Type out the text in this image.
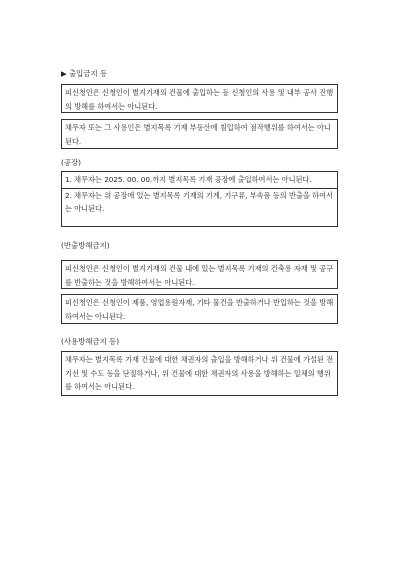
▶ 출입금지 등

피신청인은 신청인이 별지기재의 건물에 출입하는 등 신청인의 사용 및 내부 공사 진행의 방해를 하여서는 아니된다.

채무자 또는 그 사용인은 별지목록 기재 부동산에 침입하여 점작행위를 하여서는 아니된다.

(공장)

1. 채무자는 2025. 00. 00.까지 별지목록 기재 공장에 출입하여서는 아니된다.

2. 채무자는 위 공장에 있는 별지목록 기재의 기계, 기구류, 부속품 등의 반출을 하여서는 아니된다.

(반출방해금지)

피신청인은 신청인이 별지기재의 건물 내에 있는 별지목록 기재의 건축용 자재 및 공구를 반출하는 것을 방해하여서는 아니된다.

피신청인은 신청인이 제품, 영업용원자재, 기타 물건을 반출하거나 반입하는 것을 방해하여서는 아니된다.

(사용방해금지 등)

채무자는 별지목록 기재 건물에 대한 채권자의 출입을 방해하거나 위 건물에 가설된 전기선 및 수도 등을 단절하거나, 위 건물에 대한 채권자의 사용을 방해하는 일체의 행위를 하여서는 아니된다.
